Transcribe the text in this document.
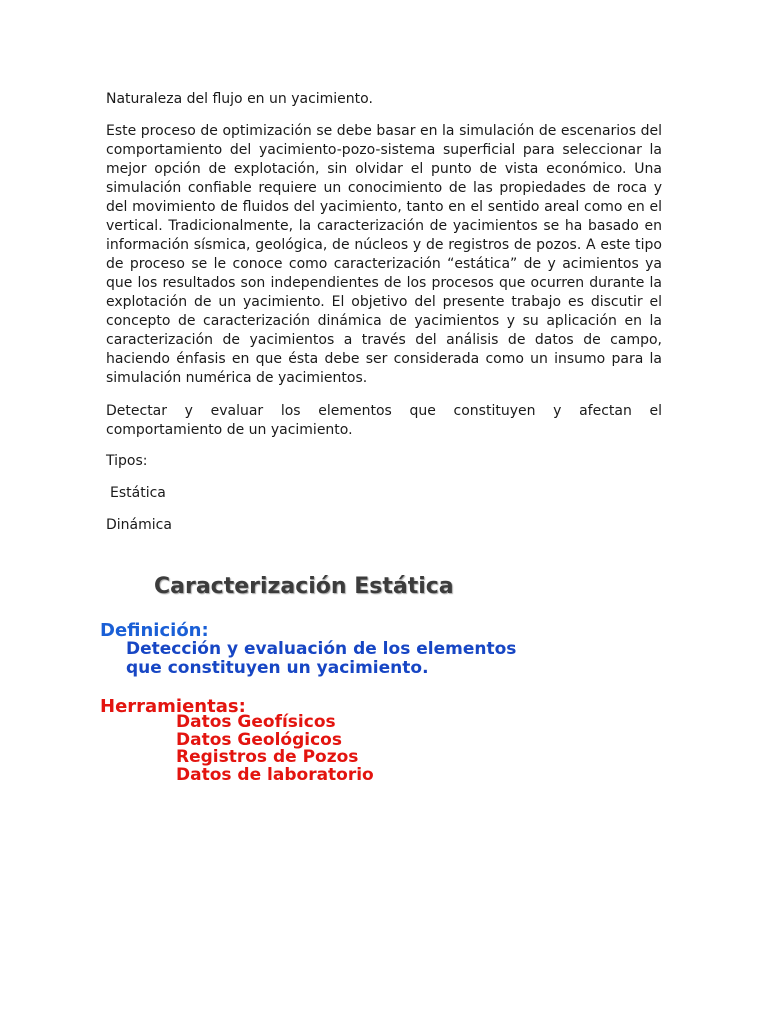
Naturaleza del flujo en un yacimiento.
Este proceso de optimización se debe basar en la simulación de escenarios del comportamiento del yacimiento-pozo-sistema superficial para seleccionar la mejor opción de explotación, sin olvidar el punto de vista económico. Una simulación confiable requiere un conocimiento de las propiedades de roca y del movimiento de fluidos del yacimiento, tanto en el sentido areal como en el vertical. Tradicionalmente, la caracterización de yacimientos se ha basado en información sísmica, geológica, de núcleos y de registros de pozos. A este tipo de proceso se le conoce como caracterización “estática” de y acimientos ya que los resultados son independientes de los procesos que ocurren durante la explotación de un yacimiento. El objetivo del presente trabajo es discutir el concepto de caracterización dinámica de yacimientos y su aplicación en la caracterización de yacimientos a través del análisis de datos de campo, haciendo énfasis en que ésta debe ser considerada como un insumo para la simulación numérica de yacimientos.
Detectar y evaluar los elementos que constituyen y afectan el comportamiento de un yacimiento.
Tipos:
Estática
Dinámica
Caracterización Estática
Definición:
Detección y evaluación de los elementos
que constituyen un yacimiento.
Herramientas:
Datos Geofísicos
Datos Geológicos
Registros de Pozos
Datos de laboratorio
